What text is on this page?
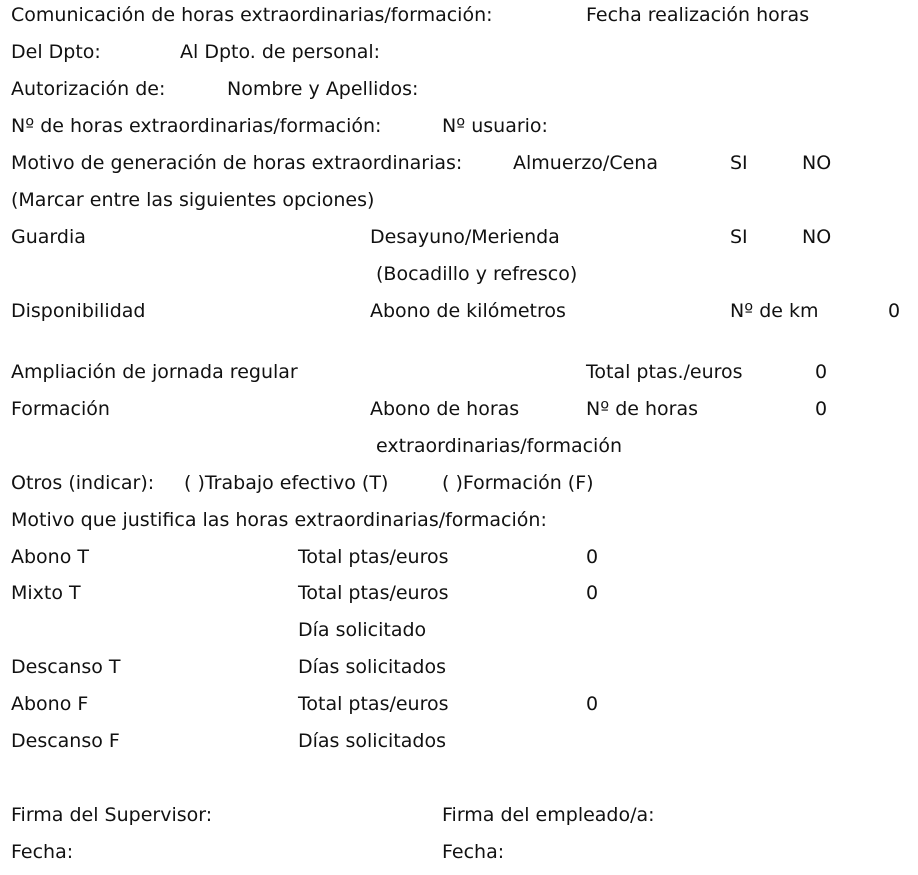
Comunicación de horas extraordinarias/formación:	Fecha realización horas
Del Dpto:	Al Dpto. de personal:
Autorización de:	Nombre y Apellidos:
Nº de horas extraordinarias/formación:	Nº usuario:
Motivo de generación de horas extraordinarias:	Almuerzo/Cena	SI	NO
(Marcar entre las siguientes opciones)
Guardia	Desayuno/Merienda	SI	NO
(Bocadillo y refresco)
Disponibilidad	Abono de kilómetros	Nº de km	0
Ampliación de jornada regular	Total ptas./euros	0
Formación	Abono de horas	Nº de horas	0
extraordinarias/formación
Otros (indicar): ( )Trabajo efectivo (T)	( )Formación (F)
Motivo que justifica las horas extraordinarias/formación:
Abono T	Total ptas/euros	0
Mixto T	Total ptas/euros	0
Día solicitado
Descanso T	Días solicitados
Abono F	Total ptas/euros	0
Descanso F	Días solicitados
Firma del Supervisor:	Firma del empleado/a:
Fecha:	Fecha:
